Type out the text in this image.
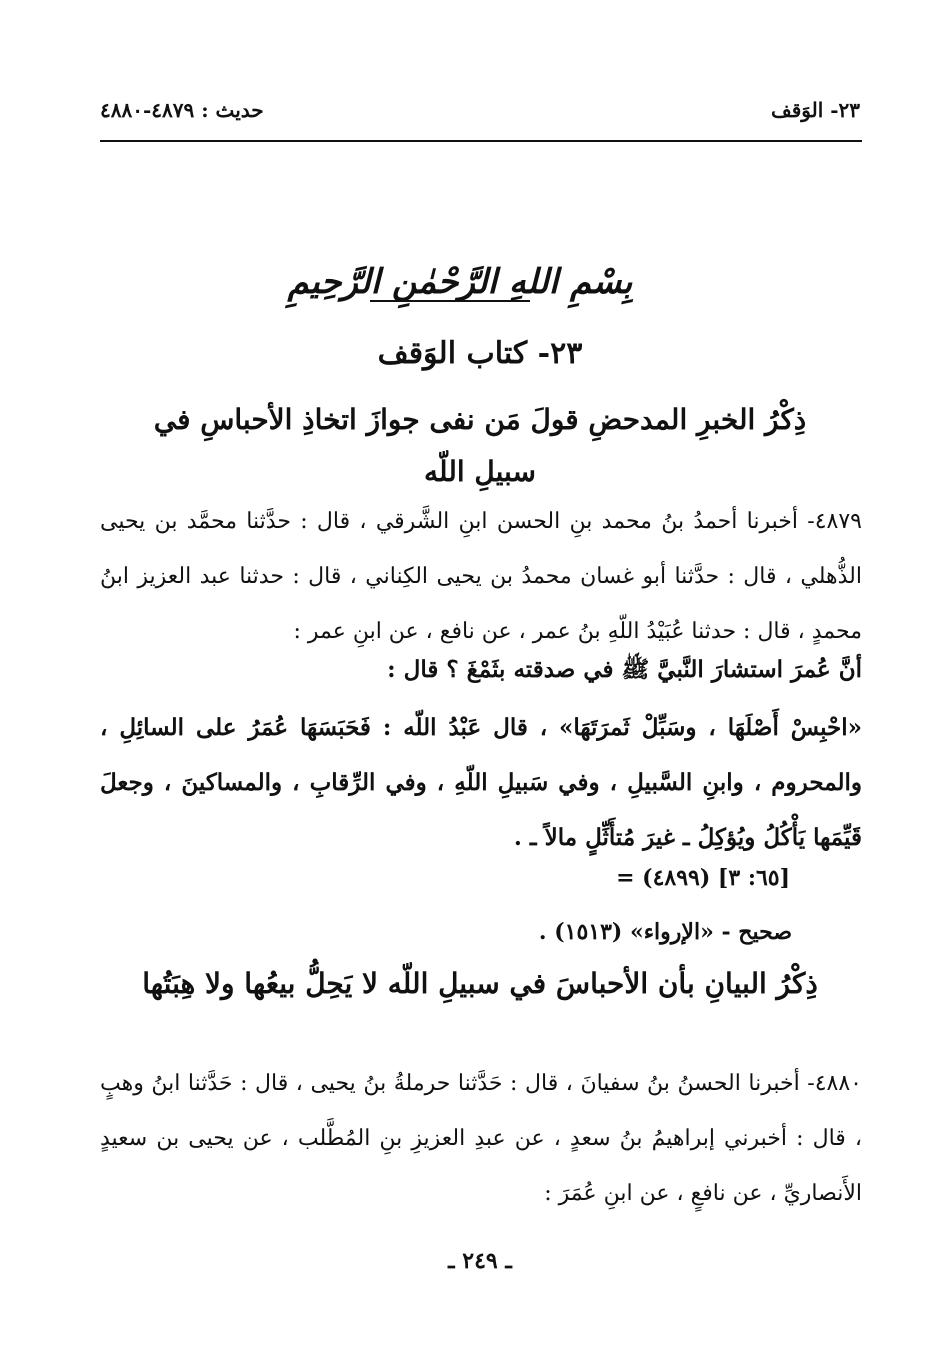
٢٣- الوَقف
حديث : ٤٨٧٩-٤٨٨٠
بِسْمِ اللهِ الرَّحْمٰنِ الرَّحِيمِ
٢٣- كتاب الوَقف
ذِكْرُ الخبرِ المدحضِ قولَ مَن نفى جوازَ اتخاذِ الأحباسِ في سبيلِ اللّه
٤٨٧٩- أخبرنا أحمدُ بنُ محمد بنِ الحسن ابنِ الشَّرقي ، قال : حدَّثنا محمَّد بن يحيى الذُّهلي ، قال : حدَّثنا أبو غسان محمدُ بن يحيى الكِناني ، قال : حدثنا عبد العزيز ابنُ محمدٍ ، قال : حدثنا عُبَيْدُ اللّهِ بنُ عمر ، عن نافع ، عن ابنِ عمر :
أنَّ عُمرَ استشارَ النَّبيَّ ﷺ في صدقته بثَمْغَ ؟ قال :
«احْبِسْ أَصْلَهَا ، وسَبِّلْ ثَمرَتَهَا» ، قال عَبْدُ اللّه : فَحَبَسَهَا عُمَرُ على السائِلِ ، والمحروم ، وابنِ السَّبيلِ ، وفي سَبيلِ اللّهِ ، وفي الرِّقابِ ، والمساكينَ ، وجعلَ قَيِّمَها يَأْكُلُ ويُؤكِلُ ـ غيرَ مُتأَثِّلٍ مالاً ـ .
= (٤٨٩٩) [٦٥: ٣]
صحيح - «الإرواء» (١٥١٣) .
ذِكْرُ البيانِ بأن الأحباسَ في سبيلِ اللّه لا يَحِلُّ بيعُها ولا هِبَتُها
٤٨٨٠- أخبرنا الحسنُ بنُ سفيانَ ، قال : حَدَّثنا حرملةُ بنُ يحيى ، قال : حَدَّثنا ابنُ وهبٍ ، قال : أخبرني إبراهيمُ بنُ سعدٍ ، عن عبدِ العزيزِ بنِ المُطَّلب ، عن يحيى بن سعيدٍ الأَنصاريِّ ، عن نافعٍ ، عن ابنِ عُمَرَ :
ـ ٢٤٩ ـ
